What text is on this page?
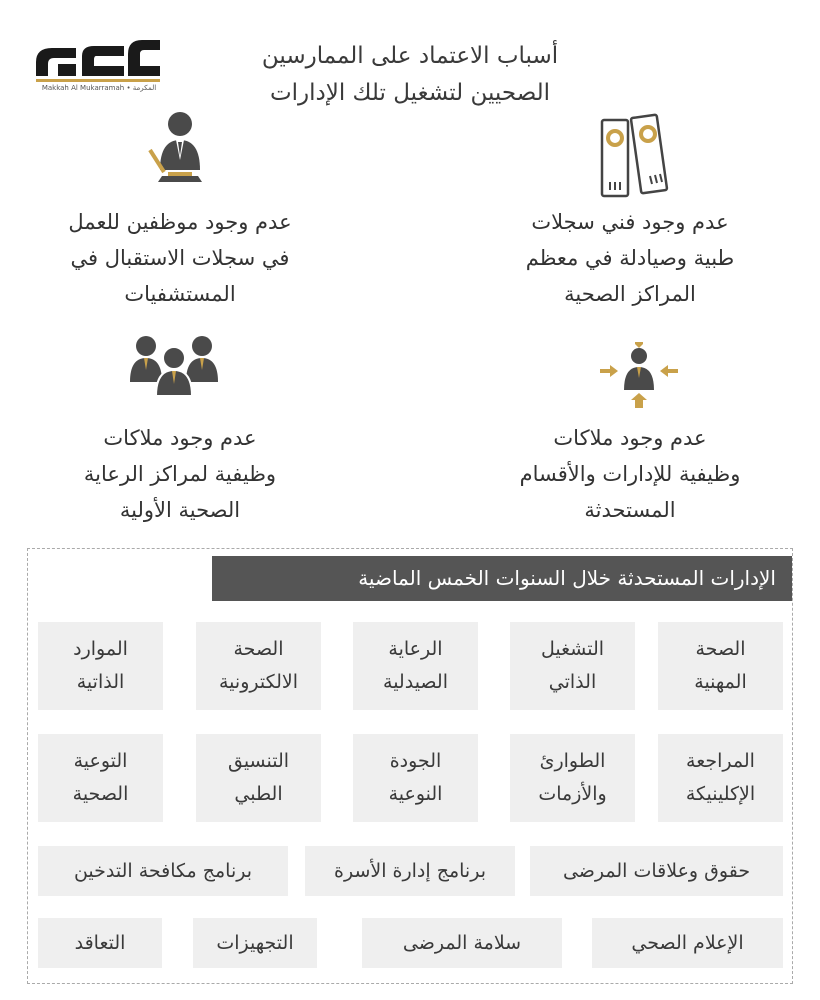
Makkah Al Mukarramah • المكرمة
أسباب الاعتماد على الممارسين
الصحيين لتشغيل تلك الإدارات
عدم وجود فني سجلات
طبية وصيادلة في معظم
المراكز الصحية
عدم وجود موظفين للعمل
في سجلات الاستقبال في
المستشفيات
عدم وجود ملاكات
وظيفية للإدارات والأقسام
المستحدثة
عدم وجود ملاكات
وظيفية لمراكز الرعاية
الصحية الأولية
الإدارات المستحدثة خلال السنوات الخمس الماضية
الصحة
المهنية
التشغيل
الذاتي
الرعاية
الصيدلية
الصحة
الالكترونية
الموارد
الذاتية
المراجعة
الإكلينيكة
الطوارئ
والأزمات
الجودة
النوعية
التنسيق
الطبي
التوعية
الصحية
حقوق وعلاقات المرضى
برنامج إدارة الأسرة
برنامج مكافحة التدخين
الإعلام الصحي
سلامة المرضى
التجهيزات
التعاقد
